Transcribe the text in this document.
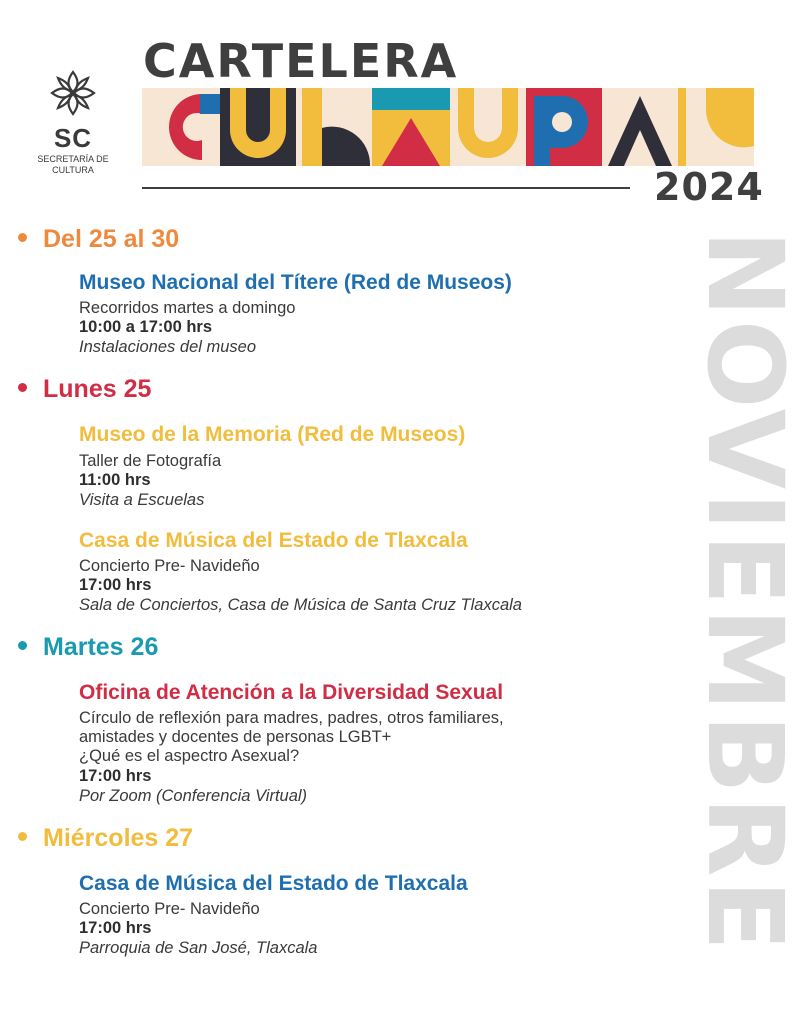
SC
SECRETARÍA DE CULTURA
CARTELERA
2024
NOVIEMBRE
Del 25 al 30
Museo Nacional del Títere (Red de Museos)
Recorridos martes a domingo
10:00 a 17:00 hrs
Instalaciones del museo
Lunes 25
Museo de la Memoria (Red de Museos)
Taller de Fotografía
11:00 hrs
Visita a Escuelas
Casa de Música del Estado de Tlaxcala
Concierto Pre- Navideño
17:00 hrs
Sala de Conciertos, Casa de Música de Santa Cruz Tlaxcala
Martes 26
Oficina de Atención a la Diversidad Sexual
Círculo de reflexión para madres, padres, otros familiares,
amistades y docentes de personas LGBT+
¿Qué es el aspectro Asexual?
17:00 hrs
Por Zoom (Conferencia Virtual)
Miércoles 27
Casa de Música del Estado de Tlaxcala
Concierto Pre- Navideño
17:00 hrs
Parroquia de San José, Tlaxcala
